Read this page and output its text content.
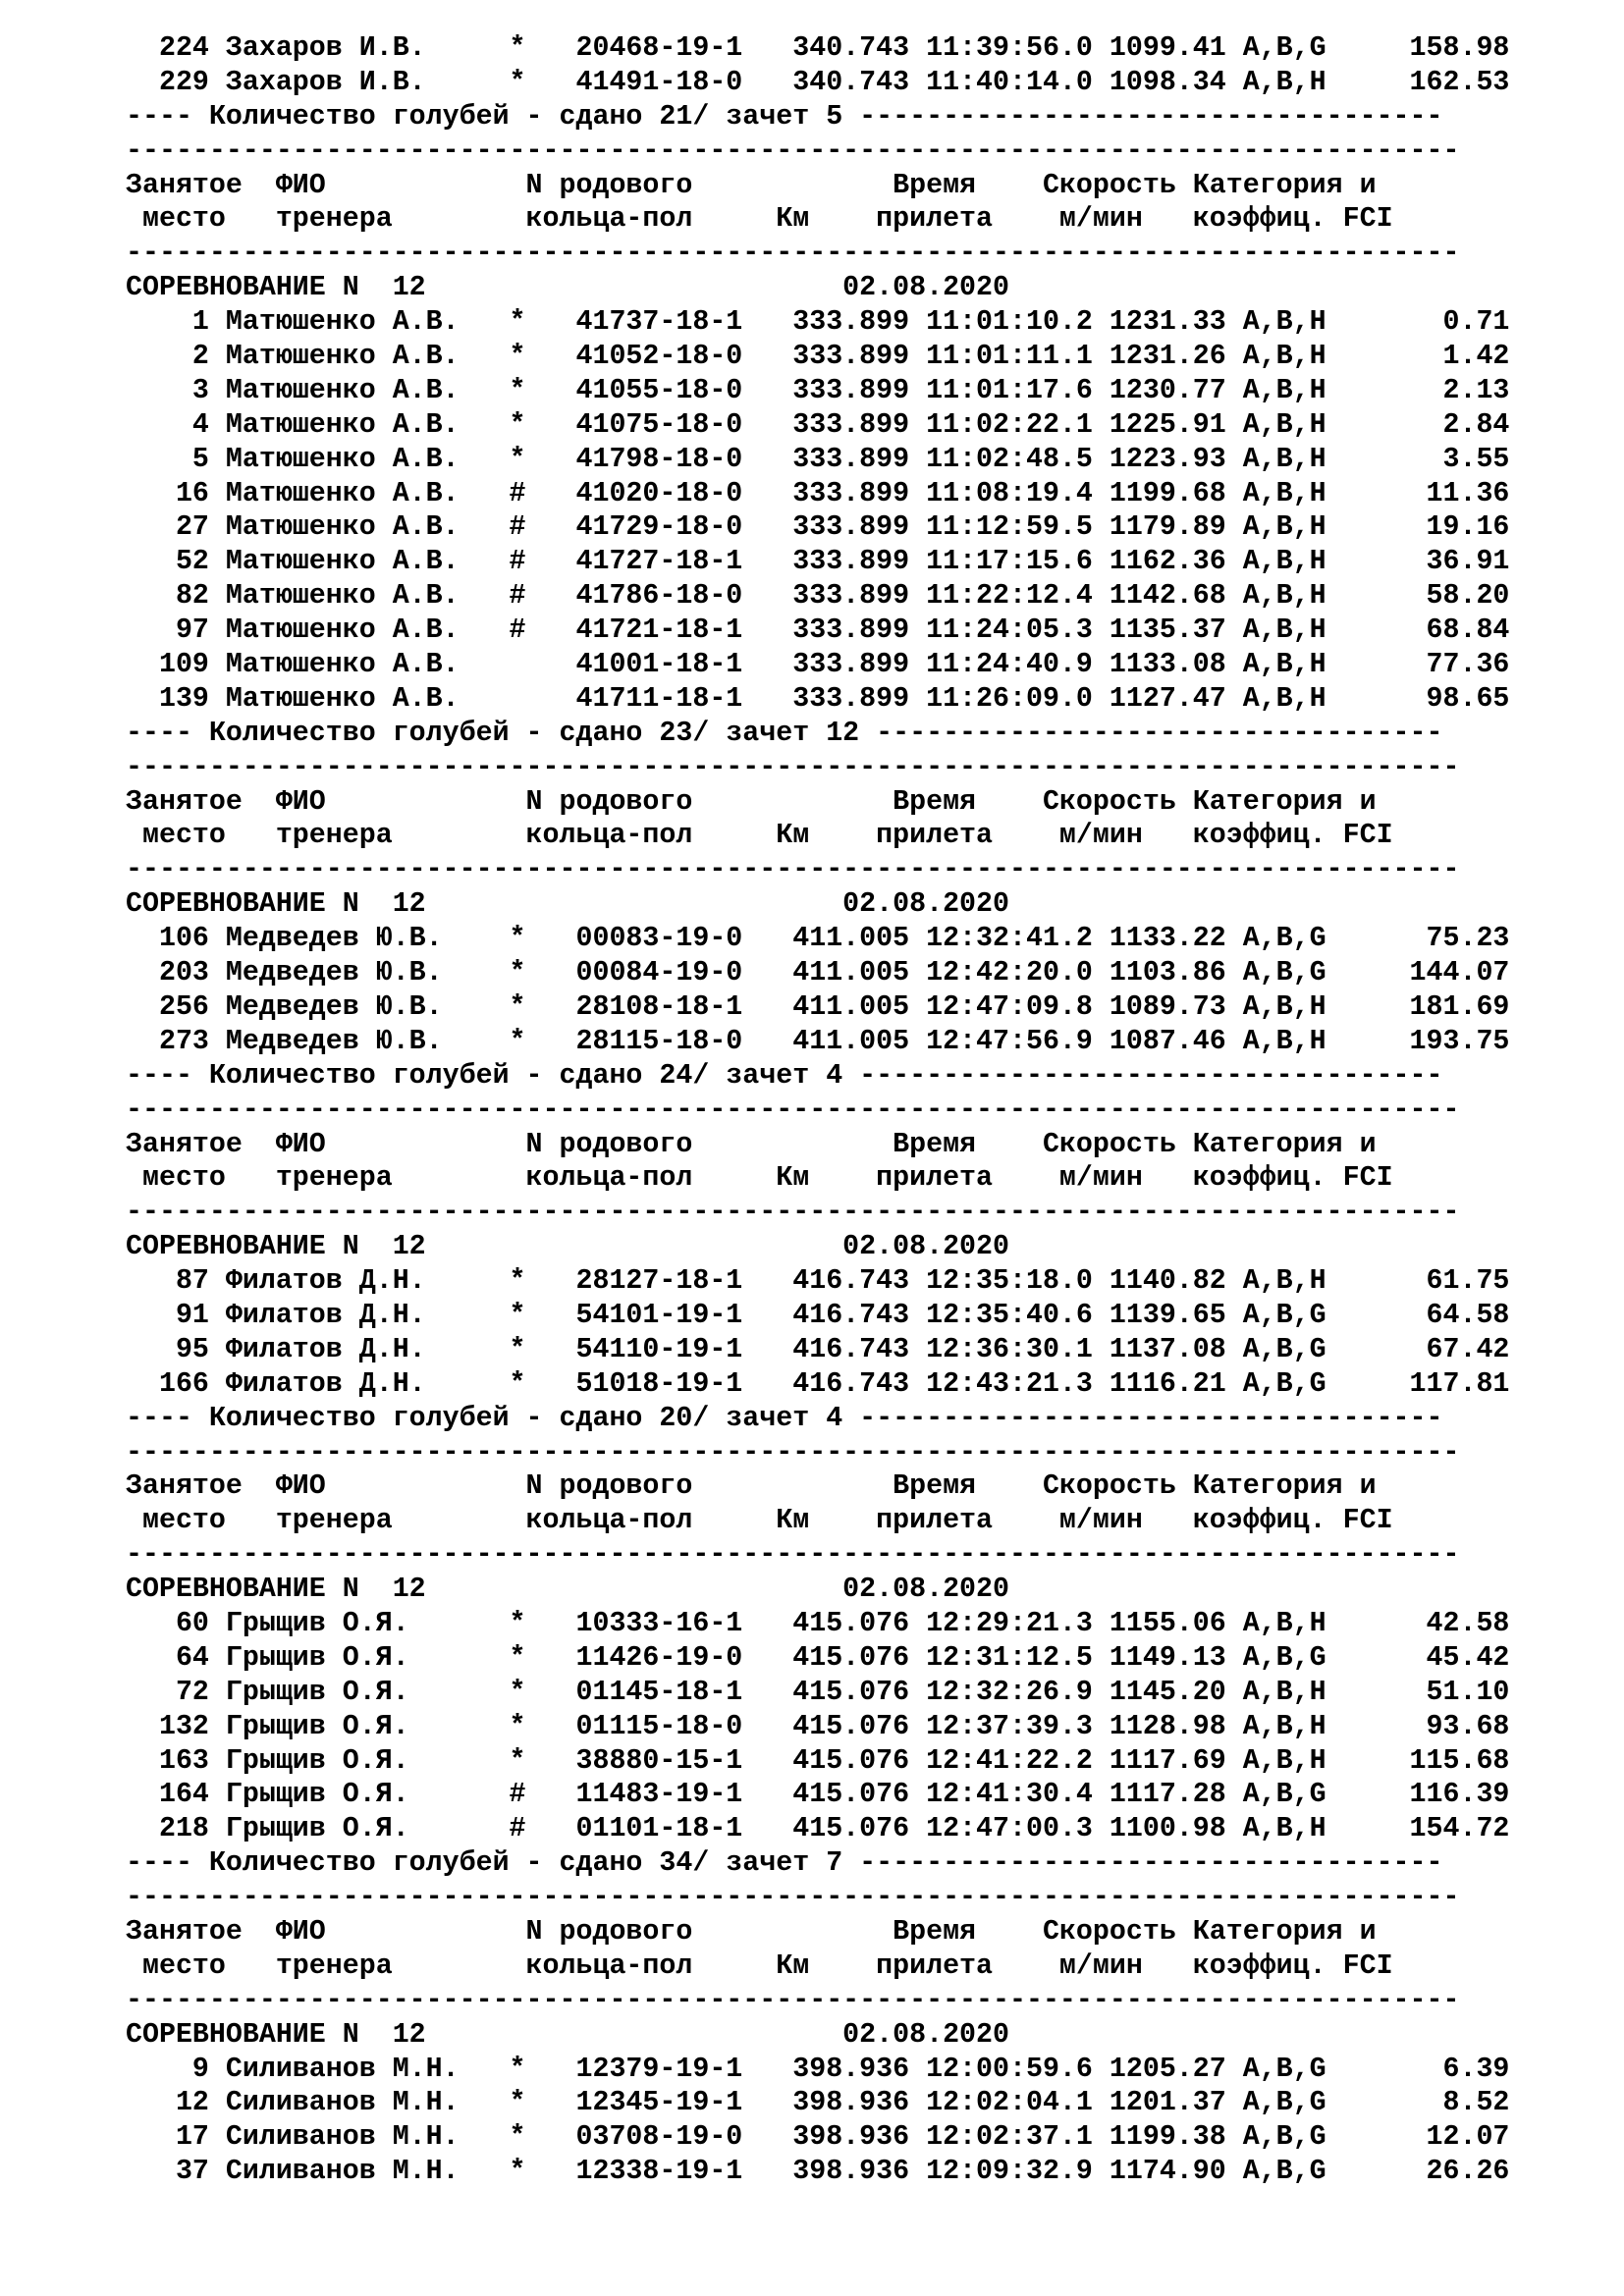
224 Захаров И.В.     *   20468-19-1   340.743 11:39:56.0 1099.41 A,B,G     158.98
229 Захаров И.В.     *   41491-18-0   340.743 11:40:14.0 1098.34 A,B,H     162.53
---- Количество голубей - сдано 21/ зачет 5 -----------------------------------
--------------------------------------------------------------------------------
Занятое  ФИО            N родового            Время    Скорость Категория и
место   тренера        кольца-пол     Км    прилета    м/мин   коэффиц. FCI
--------------------------------------------------------------------------------
СОРЕВНОВАНИЕ N  12                         02.08.2020
1 Матюшенко А.В.   *   41737-18-1   333.899 11:01:10.2 1231.33 A,B,H       0.71
2 Матюшенко А.В.   *   41052-18-0   333.899 11:01:11.1 1231.26 A,B,H       1.42
3 Матюшенко А.В.   *   41055-18-0   333.899 11:01:17.6 1230.77 A,B,H       2.13
4 Матюшенко А.В.   *   41075-18-0   333.899 11:02:22.1 1225.91 A,B,H       2.84
5 Матюшенко А.В.   *   41798-18-0   333.899 11:02:48.5 1223.93 A,B,H       3.55
16 Матюшенко А.В.   #   41020-18-0   333.899 11:08:19.4 1199.68 A,B,H      11.36
27 Матюшенко А.В.   #   41729-18-0   333.899 11:12:59.5 1179.89 A,B,H      19.16
52 Матюшенко А.В.   #   41727-18-1   333.899 11:17:15.6 1162.36 A,B,H      36.91
82 Матюшенко А.В.   #   41786-18-0   333.899 11:22:12.4 1142.68 A,B,H      58.20
97 Матюшенко А.В.   #   41721-18-1   333.899 11:24:05.3 1135.37 A,B,H      68.84
109 Матюшенко А.В.       41001-18-1   333.899 11:24:40.9 1133.08 A,B,H      77.36
139 Матюшенко А.В.       41711-18-1   333.899 11:26:09.0 1127.47 A,B,H      98.65
---- Количество голубей - сдано 23/ зачет 12 ----------------------------------
--------------------------------------------------------------------------------
Занятое  ФИО            N родового            Время    Скорость Категория и
место   тренера        кольца-пол     Км    прилета    м/мин   коэффиц. FCI
--------------------------------------------------------------------------------
СОРЕВНОВАНИЕ N  12                         02.08.2020
106 Медведев Ю.В.    *   00083-19-0   411.005 12:32:41.2 1133.22 A,B,G      75.23
203 Медведев Ю.В.    *   00084-19-0   411.005 12:42:20.0 1103.86 A,B,G     144.07
256 Медведев Ю.В.    *   28108-18-1   411.005 12:47:09.8 1089.73 A,B,H     181.69
273 Медведев Ю.В.    *   28115-18-0   411.005 12:47:56.9 1087.46 A,B,H     193.75
---- Количество голубей - сдано 24/ зачет 4 -----------------------------------
--------------------------------------------------------------------------------
Занятое  ФИО            N родового            Время    Скорость Категория и
место   тренера        кольца-пол     Км    прилета    м/мин   коэффиц. FCI
--------------------------------------------------------------------------------
СОРЕВНОВАНИЕ N  12                         02.08.2020
87 Филатов Д.Н.     *   28127-18-1   416.743 12:35:18.0 1140.82 A,B,H      61.75
91 Филатов Д.Н.     *   54101-19-1   416.743 12:35:40.6 1139.65 A,B,G      64.58
95 Филатов Д.Н.     *   54110-19-1   416.743 12:36:30.1 1137.08 A,B,G      67.42
166 Филатов Д.Н.     *   51018-19-1   416.743 12:43:21.3 1116.21 A,B,G     117.81
---- Количество голубей - сдано 20/ зачет 4 -----------------------------------
--------------------------------------------------------------------------------
Занятое  ФИО            N родового            Время    Скорость Категория и
место   тренера        кольца-пол     Км    прилета    м/мин   коэффиц. FCI
--------------------------------------------------------------------------------
СОРЕВНОВАНИЕ N  12                         02.08.2020
60 Грыщив О.Я.      *   10333-16-1   415.076 12:29:21.3 1155.06 A,B,H      42.58
64 Грыщив О.Я.      *   11426-19-0   415.076 12:31:12.5 1149.13 A,B,G      45.42
72 Грыщив О.Я.      *   01145-18-1   415.076 12:32:26.9 1145.20 A,B,H      51.10
132 Грыщив О.Я.      *   01115-18-0   415.076 12:37:39.3 1128.98 A,B,H      93.68
163 Грыщив О.Я.      *   38880-15-1   415.076 12:41:22.2 1117.69 A,B,H     115.68
164 Грыщив О.Я.      #   11483-19-1   415.076 12:41:30.4 1117.28 A,B,G     116.39
218 Грыщив О.Я.      #   01101-18-1   415.076 12:47:00.3 1100.98 A,B,H     154.72
---- Количество голубей - сдано 34/ зачет 7 -----------------------------------
--------------------------------------------------------------------------------
Занятое  ФИО            N родового            Время    Скорость Категория и
место   тренера        кольца-пол     Км    прилета    м/мин   коэффиц. FCI
--------------------------------------------------------------------------------
СОРЕВНОВАНИЕ N  12                         02.08.2020
9 Силиванов М.Н.   *   12379-19-1   398.936 12:00:59.6 1205.27 A,B,G       6.39
12 Силиванов М.Н.   *   12345-19-1   398.936 12:02:04.1 1201.37 A,B,G       8.52
17 Силиванов М.Н.   *   03708-19-0   398.936 12:02:37.1 1199.38 A,B,G      12.07
37 Силиванов М.Н.   *   12338-19-1   398.936 12:09:32.9 1174.90 A,B,G      26.26
